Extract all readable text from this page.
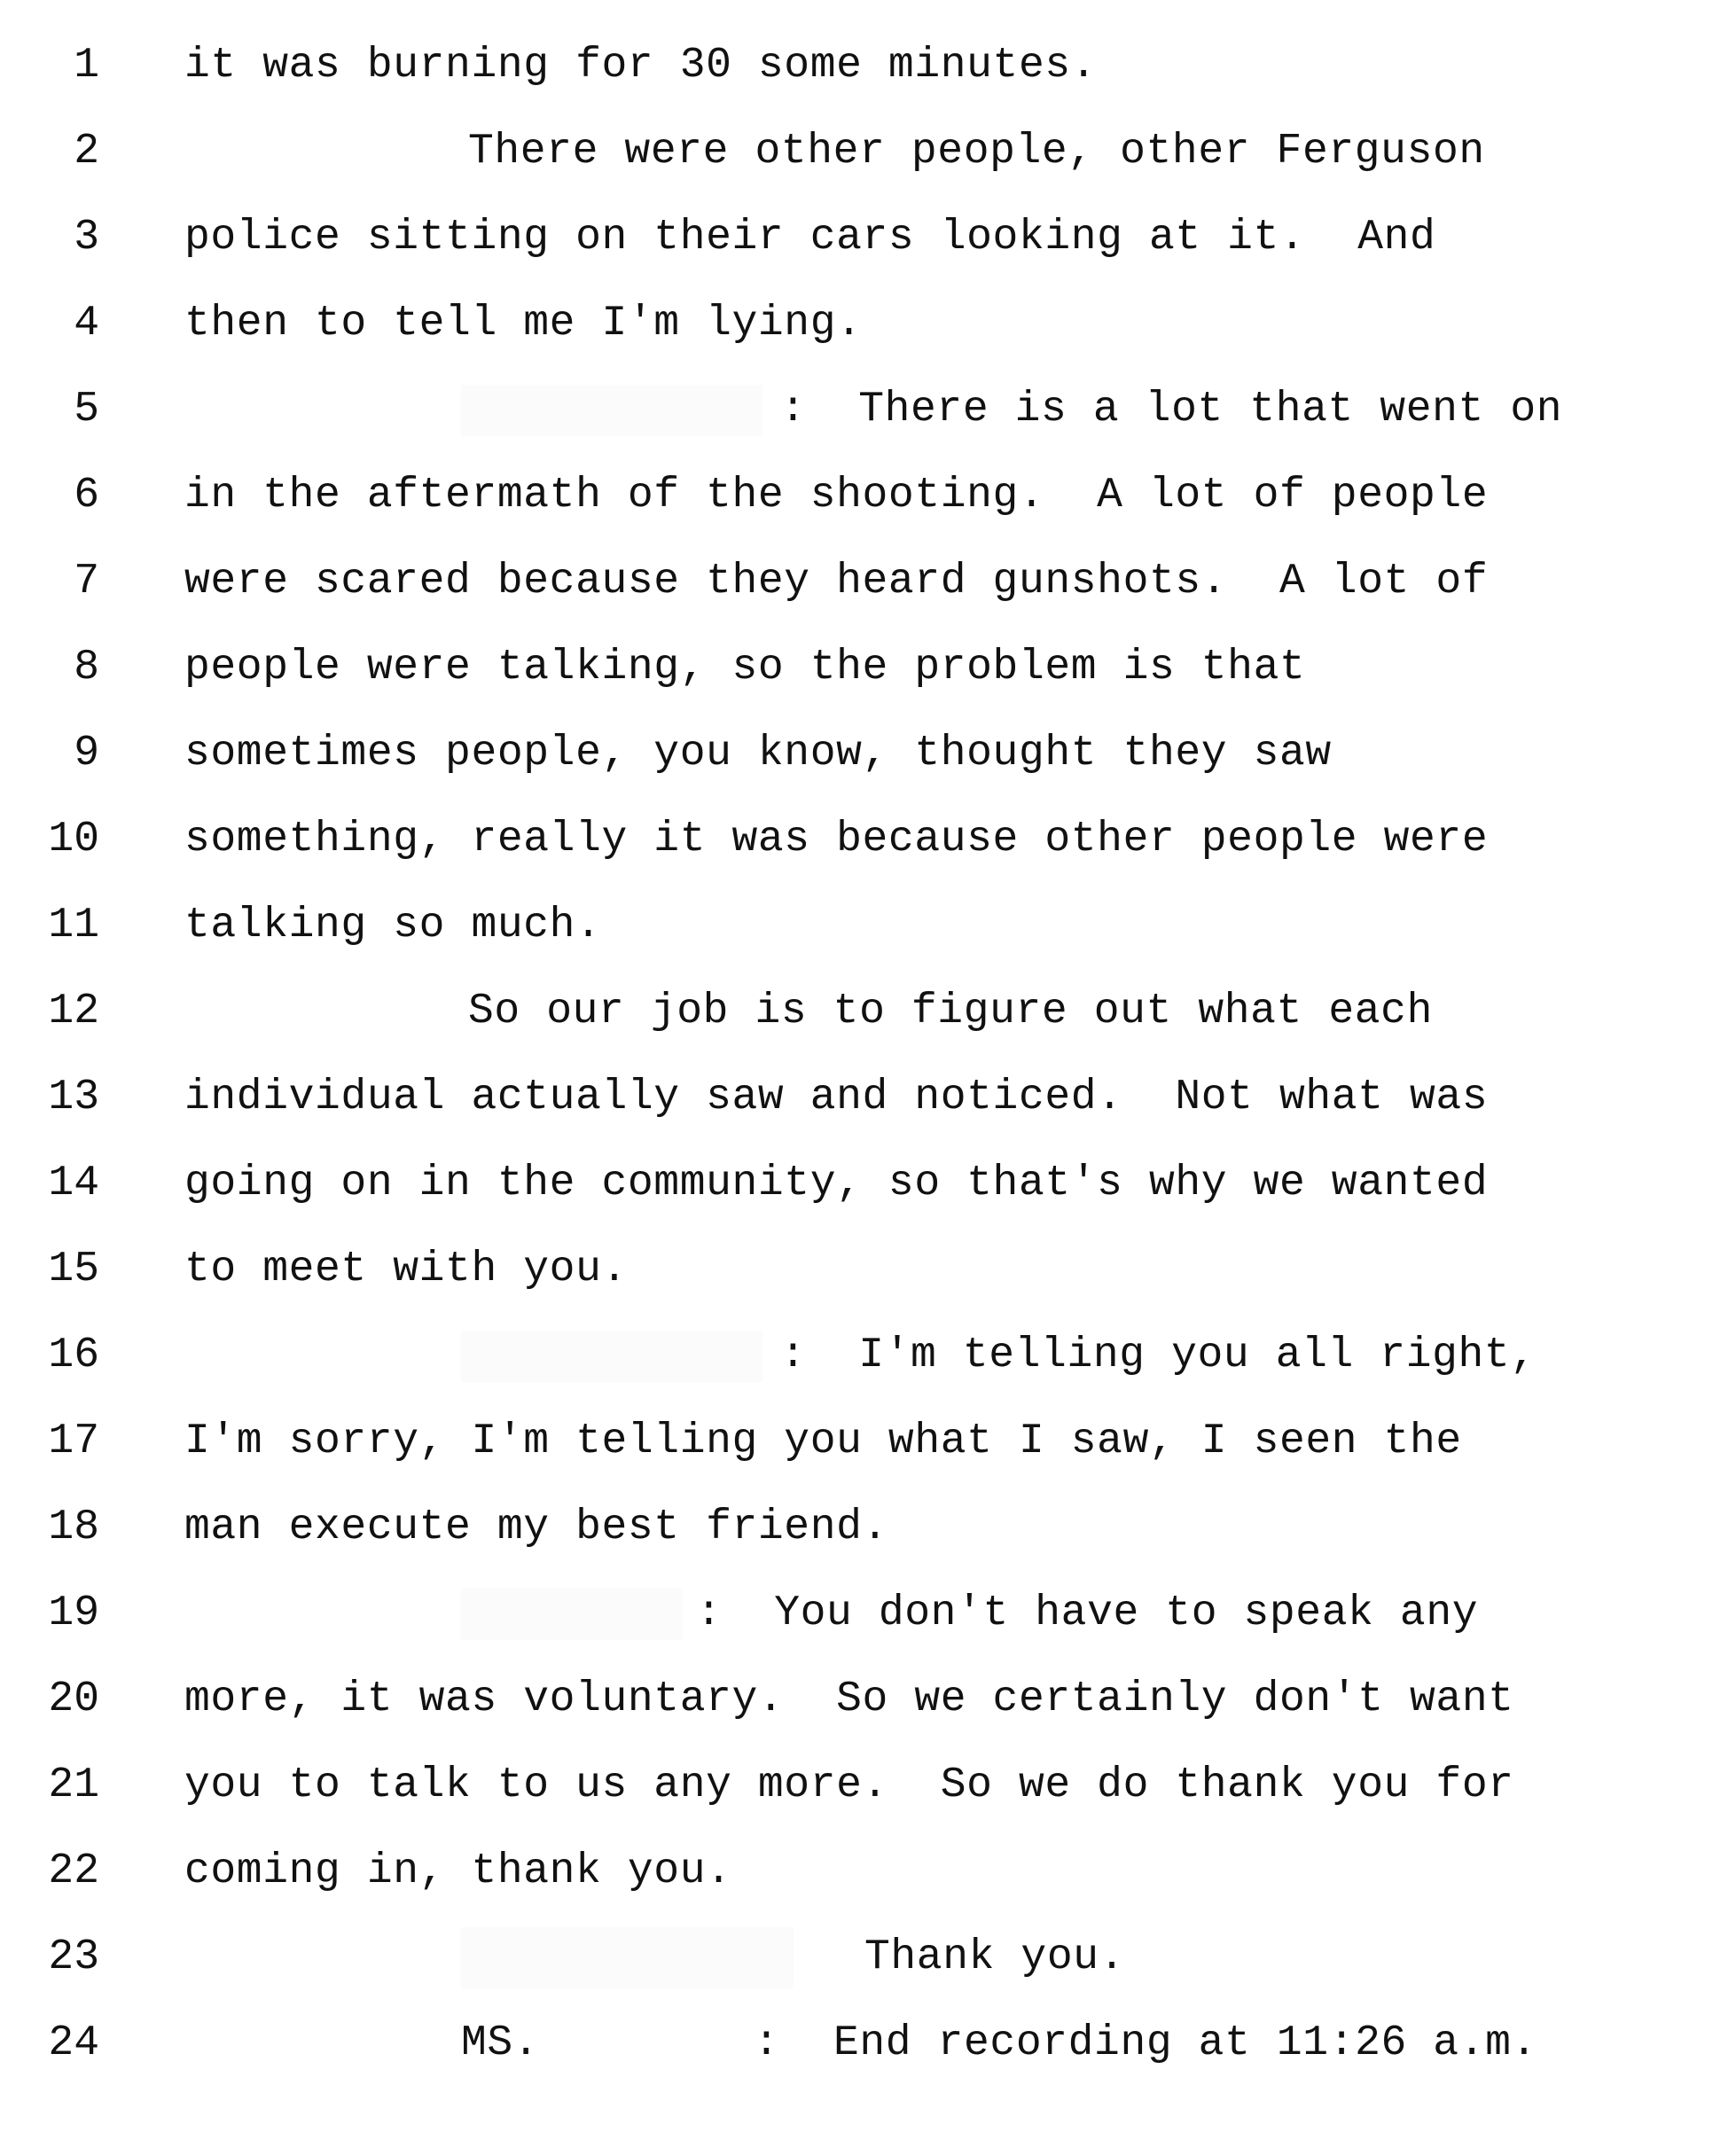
1 it was burning for 30 some minutes.
2	There were other people, other Ferguson
3 police sitting on their cars looking at it.  And
4 then to tell me I'm lying.
5	:  There is a lot that went on
6 in the aftermath of the shooting.  A lot of people
7 were scared because they heard gunshots.  A lot of
8 people were talking, so the problem is that
9 sometimes people, you know, thought they saw
10 something, really it was because other people were
11 talking so much.
12	So our job is to figure out what each
13 individual actually saw and noticed.  Not what was
14 going on in the community, so that's why we wanted
15 to meet with you.
16	:  I'm telling you all right,
17 I'm sorry, I'm telling you what I saw, I seen the
18 man execute my best friend.
19	:  You don't have to speak any
20 more, it was voluntary.  So we certainly don't want
21 you to talk to us any more.  So we do thank you for
22 coming in, thank you.
23	Thank you.
24	MS.	: End recording at 11:26 a.m.
